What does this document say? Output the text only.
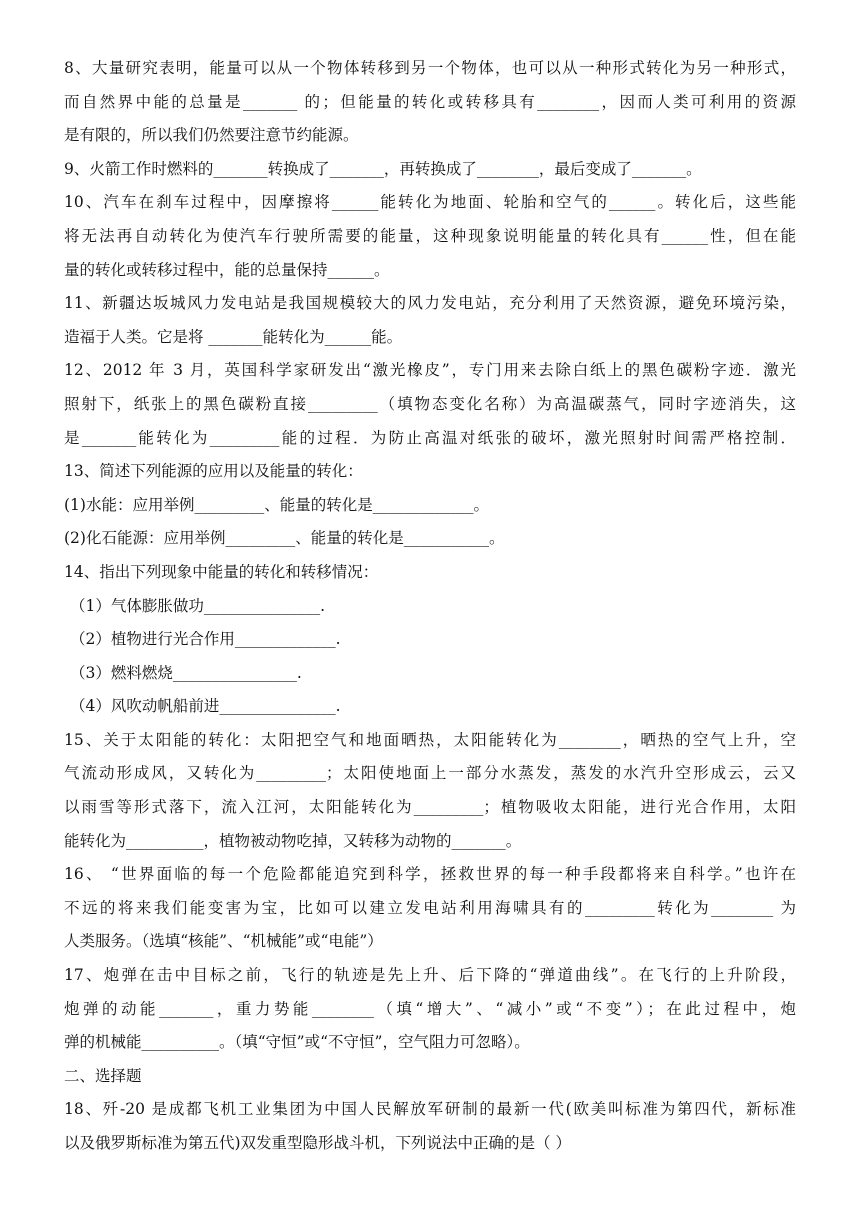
8、大量研究表明，能量可以从一个物体转移到另一个物体，也可以从一种形式转化为另一种形式，
而自然界中能的总量是_______ 的；但能量的转化或转移具有________，因而人类可利用的资源
是有限的，所以我们仍然要注意节约能源。
9、火箭工作时燃料的_______转换成了_______，再转换成了________，最后变成了_______。
10、汽车在刹车过程中，因摩擦将______能转化为地面、轮胎和空气的______。转化后，这些能
将无法再自动转化为使汽车行驶所需要的能量，这种现象说明能量的转化具有______性，但在能
量的转化或转移过程中，能的总量保持______。
11、新疆达坂城风力发电站是我国规模较大的风力发电站，充分利用了天然资源，避免环境污染，
造福于人类。它是将 _______能转化为______能。
12、2012 年 3 月，英国科学家研发出“激光橡皮”，专门用来去除白纸上的黑色碳粉字迹．激光
照射下，纸张上的黑色碳粉直接_________（填物态变化名称）为高温碳蒸气，同时字迹消失，这
是_______能转化为_________能的过程．为防止高温对纸张的破坏，激光照射时间需严格控制．
13、简述下列能源的应用以及能量的转化：
(1)水能：应用举例_________、能量的转化是_____________。
(2)化石能源：应用举例_________、能量的转化是___________。
14、指出下列现象中能量的转化和转移情况：
（1）气体膨胀做功_______________.
（2）植物进行光合作用_____________.
（3）燃料燃烧________________.
（4）风吹动帆船前进_______________.
15、关于太阳能的转化：太阳把空气和地面晒热，太阳能转化为________，晒热的空气上升，空
气流动形成风，又转化为_________；太阳使地面上一部分水蒸发，蒸发的水汽升空形成云，云又
以雨雪等形式落下，流入江河，太阳能转化为_________；植物吸收太阳能，进行光合作用，太阳
能转化为__________，植物被动物吃掉，又转移为动物的_______。
16、 “世界面临的每一个危险都能追究到科学，拯救世界的每一种手段都将来自科学。”也许在
不远的将来我们能变害为宝，比如可以建立发电站利用海啸具有的_________转化为________ 为
人类服务。（选填“核能”、“机械能”或“电能”）
17、炮弹在击中目标之前，飞行的轨迹是先上升、后下降的“弹道曲线”。在飞行的上升阶段，
炮弹的动能_______，重力势能________（填“增大”、“减小”或“不变”）；在此过程中，炮
弹的机械能__________。（填“守恒”或“不守恒”，空气阻力可忽略）。
二、选择题
18、歼-20 是成都飞机工业集团为中国人民解放军研制的最新一代(欧美叫标准为第四代，新标准
以及俄罗斯标准为第五代)双发重型隐形战斗机，下列说法中正确的是（ ）
